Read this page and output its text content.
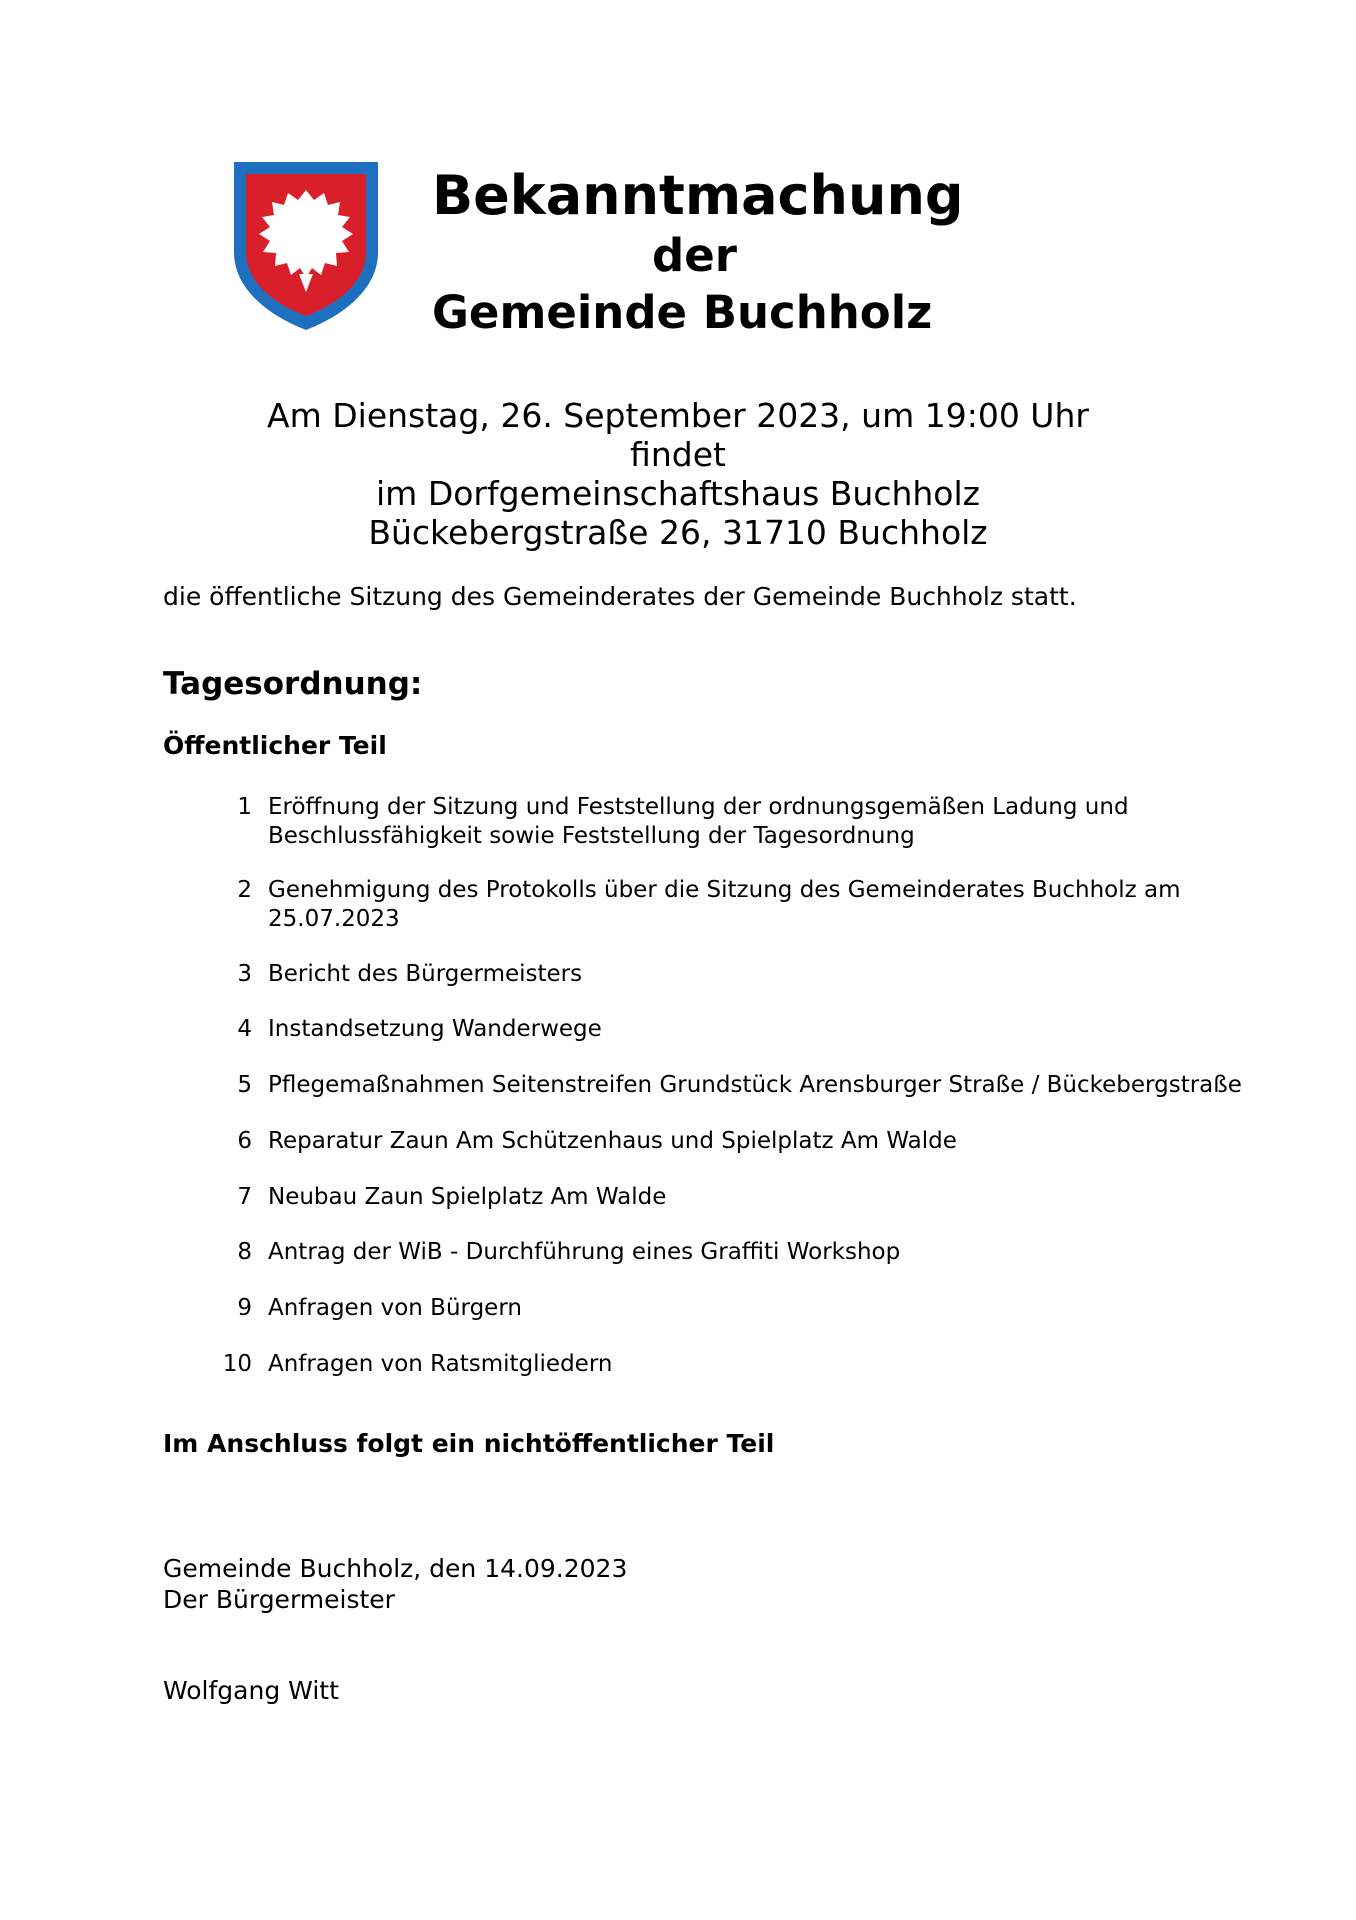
Bekanntmachung
der
Gemeinde Buchholz
Am Dienstag, 26. September 2023, um 19:00 Uhr
findet
im Dorfgemeinschaftshaus Buchholz
Bückebergstraße 26, 31710 Buchholz
die öffentliche Sitzung des Gemeinderates der Gemeinde Buchholz statt.
Tagesordnung:
Öffentlicher Teil
1 Eröffnung der Sitzung und Feststellung der ordnungsgemäßen Ladung und
Beschlussfähigkeit sowie Feststellung der Tagesordnung
2 Genehmigung des Protokolls über die Sitzung des Gemeinderates Buchholz am
25.07.2023
3 Bericht des Bürgermeisters
4 Instandsetzung Wanderwege
5 Pflegemaßnahmen Seitenstreifen Grundstück Arensburger Straße / Bückebergstraße
6 Reparatur Zaun Am Schützenhaus und Spielplatz Am Walde
7 Neubau Zaun Spielplatz Am Walde
8 Antrag der WiB - Durchführung eines Graffiti Workshop
9 Anfragen von Bürgern
10 Anfragen von Ratsmitgliedern
Im Anschluss folgt ein nichtöffentlicher Teil
Gemeinde Buchholz, den 14.09.2023
Der Bürgermeister
Wolfgang Witt
